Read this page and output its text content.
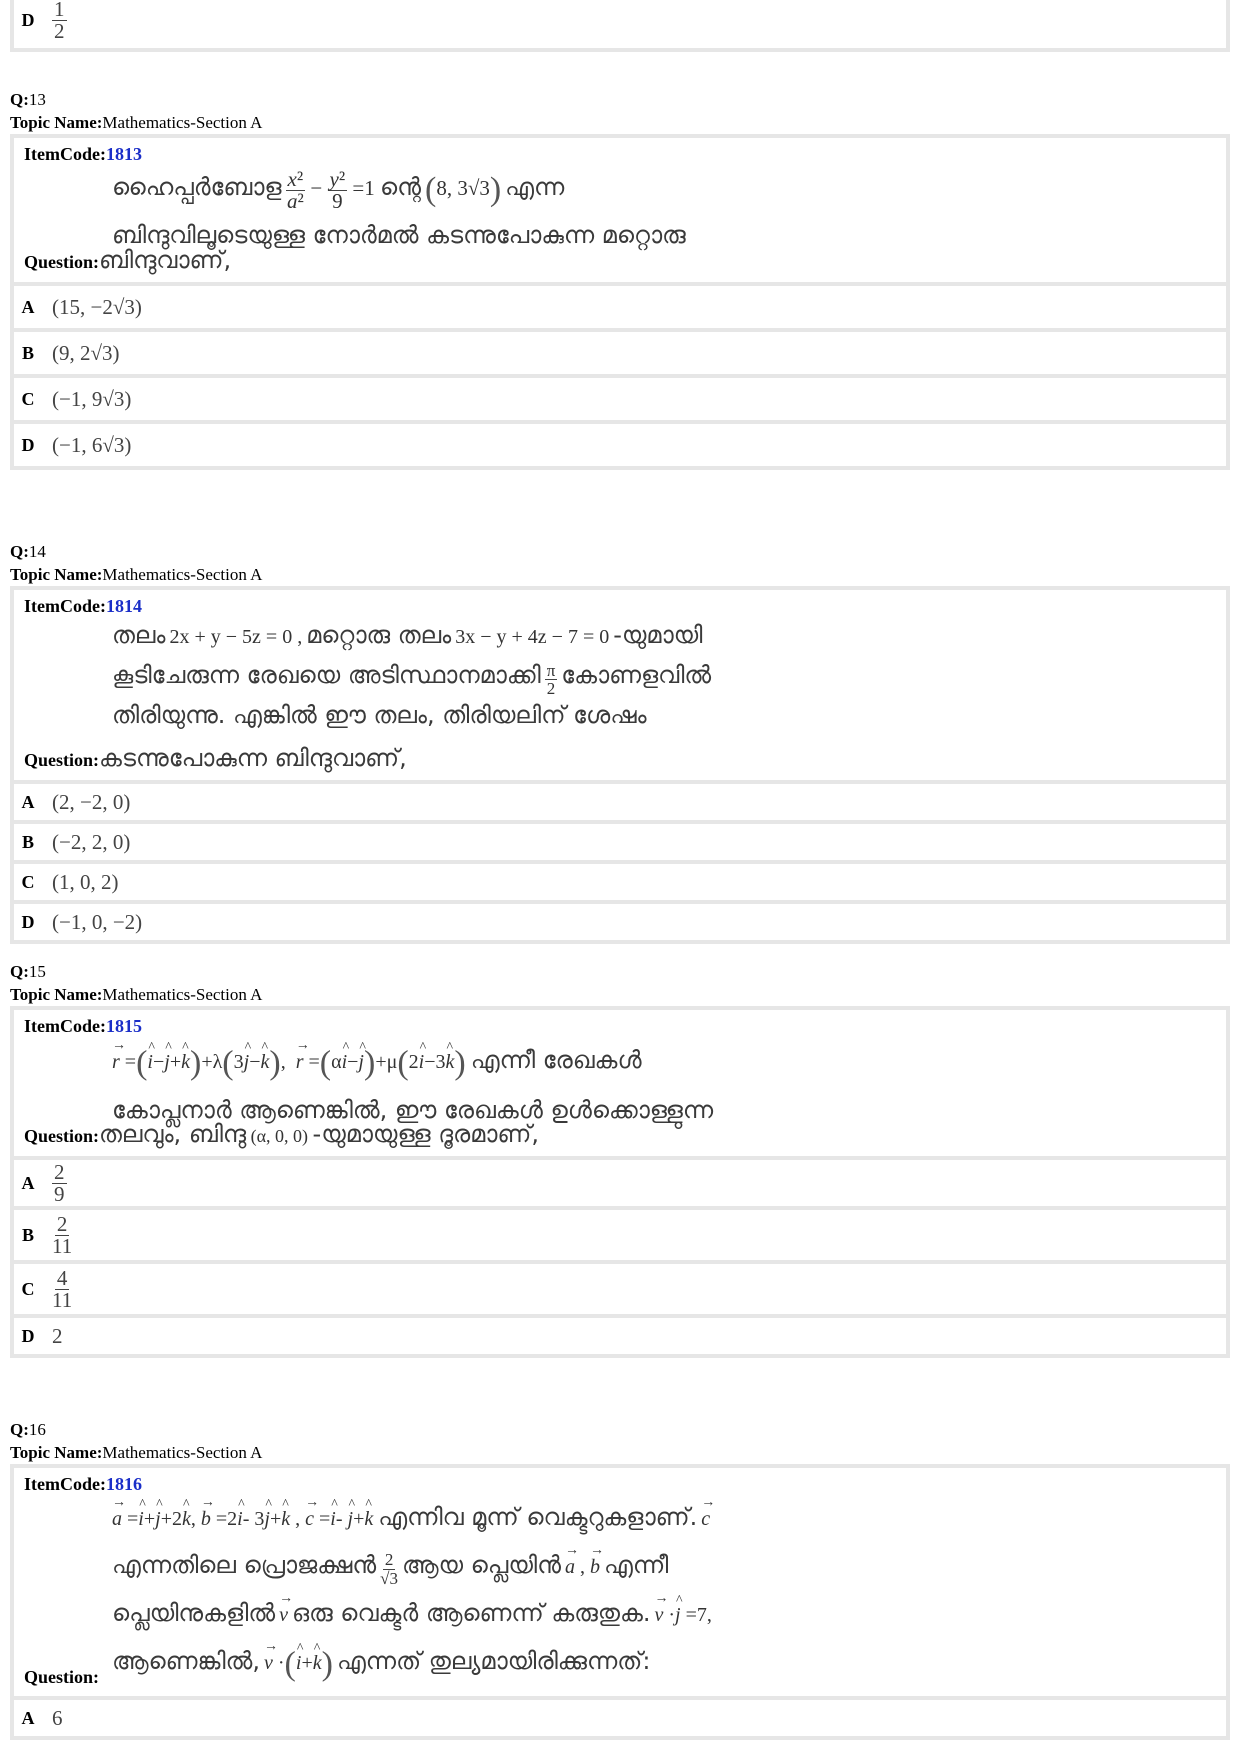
D $\frac{1}{2}$
Q:13
Topic Name:Mathematics-Section A
ItemCode:1813
ഹൈപ്പർബോള $\frac{\text{x²}}{\text{a²}} - \frac{\text{y²}}{9} =1$ ന്റെ (8, 3√3) എന്ന
ബിന്ദുവിലൂടെയുള്ള നോർമൽ കടന്നുപോകുന്ന മറ്റൊരു
Question:ബിന്ദുവാണ്,
A (15, −2√3)
B (9, 2√3)
C (−1, 9√3)
D (−1, 6√3)
Q:14
Topic Name:Mathematics-Section A
ItemCode:1814
തലം 2x + y − 5z = 0 , മറ്റൊരു തലം 3x − y + 4z − 7 = 0 -യുമായി
കൂടിചേരുന്ന രേഖയെ അടിസ്ഥാനമാക്കി $\frac{\pi}{2}$ കോണളവിൽ
തിരിയുന്നു. എങ്കിൽ ഈ തലം, തിരിയലിന് ശേഷം
Question:കടന്നുപോകുന്ന ബിന്ദുവാണ്,
A (2, −2, 0)
B (−2, 2, 0)
C (1, 0, 2)
D (−1, 0, −2)
Q:15
Topic Name:Mathematics-Section A
ItemCode:1815
→ r =(^ i−^ j+^ k)+λ(3^ j−^ k),  → r =(α^ i−^ j)+μ(2^ i−3^ k) എന്നീ രേഖകൾ
കോപ്ലനാർ ആണെങ്കിൽ, ഈ രേഖകൾ ഉൾക്കൊള്ളുന്ന
Question:തലവും, ബിന്ദു (α, 0, 0) -യുമായുള്ള ദൂരമാണ്,
A $\frac{2}{9}$
B $\frac{2}{11}$
C $\frac{4}{11}$
D 2
Q:16
Topic Name:Mathematics-Section A
ItemCode:1816
→ a =^ i+^ j+2^ k, → b =2^ i- 3^ j+^ k , → c =^ i- ^ j+^ k എന്നിവ മൂന്ന് വെക്ടറുകളാണ്. → c
എന്നതിലെ പ്രൊജക്ഷൻ $\frac{2}{√3}$ ആയ പ്ലെയിൻ → a , → b എന്നീ
പ്ലെയിനുകളിൽ → v ഒരു വെക്ടർ ആണെന്ന് കരുതുക. → v ·^ j =7,
ആണെങ്കിൽ, → v ·(^ i+^ k) എന്നത് തുല്യമായിരിക്കുന്നത്:
Question:
A 6
